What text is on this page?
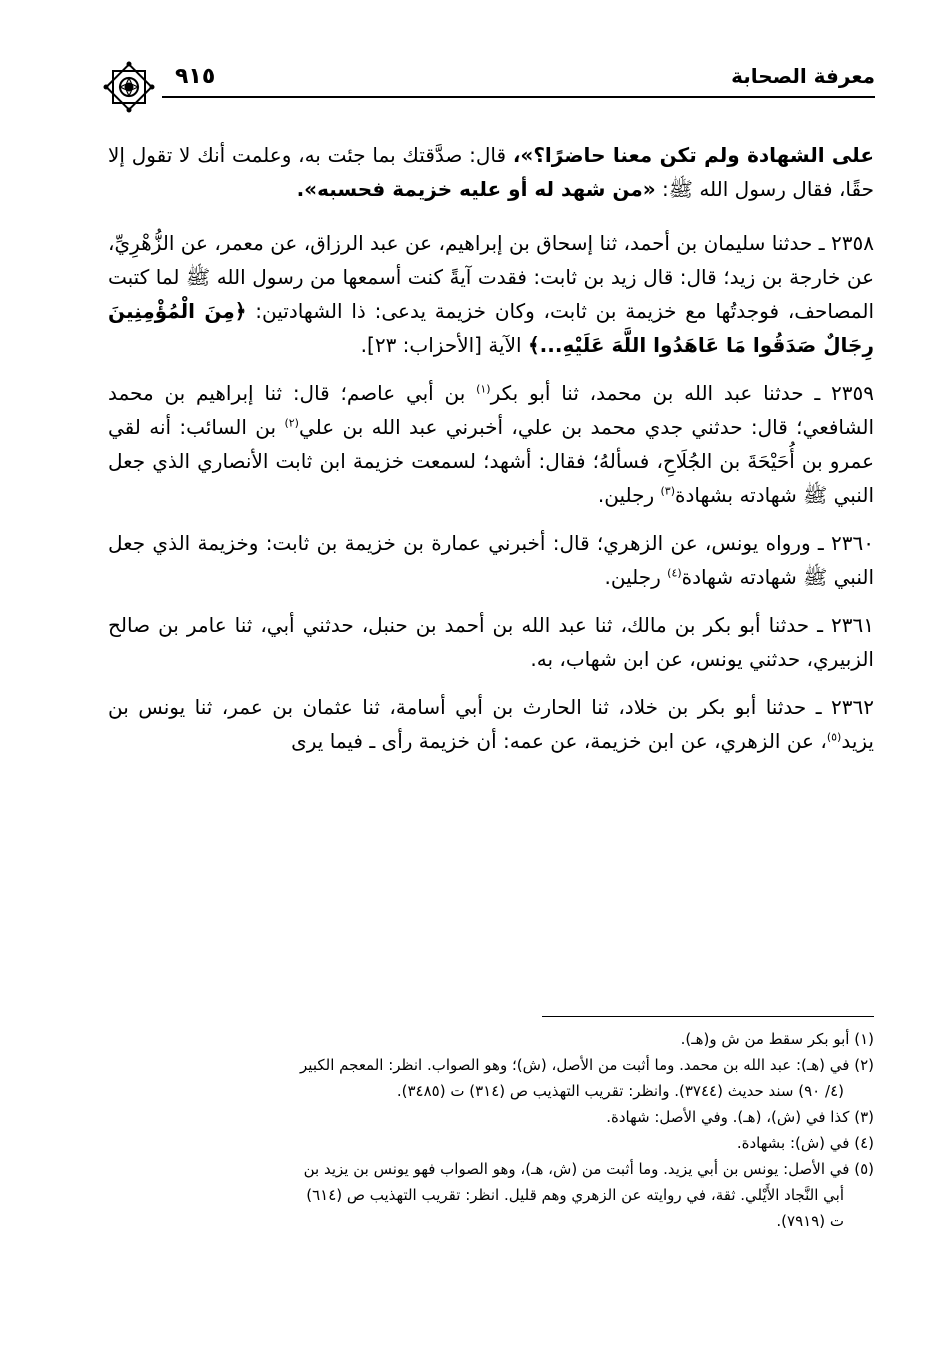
٩١٥	معرفة الصحابة

على الشهادة ولم تكن معنا حاضرًا؟»، قال: صدَّقتك بما جئت به، وعلمت أنك لا تقول إلا حقًا، فقال رسول الله ﷺ: «من شهد له أو عليه خزيمة فحسبه».

٢٣٥٨ ـ حدثنا سليمان بن أحمد، ثنا إسحاق بن إبراهيم، عن عبد الرزاق، عن معمر، عن الزُّهْرِيِّ، عن خارجة بن زيد؛ قال: قال زيد بن ثابت: فقدت آيةً كنت أسمعها من رسول الله ﷺ لما كتبت المصاحف، فوجدتُها مع خزيمة بن ثابت، وكان خزيمة يدعى: ذا الشهادتين: ﴿مِنَ الْمُؤْمِنِينَ رِجَالٌ صَدَقُوا مَا عَاهَدُوا اللَّهَ عَلَيْهِ...﴾ الآية [الأحزاب: ٢٣].

٢٣٥٩ ـ حدثنا عبد الله بن محمد، ثنا أبو بكر$^{(١)}$ بن أبي عاصم؛ قال: ثنا إبراهيم بن محمد الشافعي؛ قال: حدثني جدي محمد بن علي، أخبرني عبد الله بن علي$^{(٢)}$ بن السائب: أنه لقي عمرو بن أُحَيْحَةَ بن الجُلَاحِ، فسألهُ؛ فقال: أشهد؛ لسمعت خزيمة ابن ثابت الأنصاري الذي جعل النبي ﷺ شهادته بشهادة$^{(٣)}$ رجلين.

٢٣٦٠ ـ ورواه يونس، عن الزهري؛ قال: أخبرني عمارة بن خزيمة بن ثابت: وخزيمة الذي جعل النبي ﷺ شهادته شهادة$^{(٤)}$ رجلين.

٢٣٦١ ـ حدثنا أبو بكر بن مالك، ثنا عبد الله بن أحمد بن حنبل، حدثني أبي، ثنا عامر بن صالح الزبيري، حدثني يونس، عن ابن شهاب، به.

٢٣٦٢ ـ حدثنا أبو بكر بن خلاد، ثنا الحارث بن أبي أسامة، ثنا عثمان بن عمر، ثنا يونس بن يزيد$^{(٥)}$، عن الزهري، عن ابن خزيمة، عن عمه: أن خزيمة رأى ـ فيما يرى

(١) أبو بكر سقط من ش و(هـ).

(٢) في (هـ): عبد الله بن محمد. وما أثبت من الأصل، (ش)؛ وهو الصواب. انظر: المعجم الكبير
(٤/ ٩٠) سند حديث (٣٧٤٤). وانظر: تقريب التهذيب ص (٣١٤) ت (٣٤٨٥).

(٣) كذا في (ش)، (هـ). وفي الأصل: شهادة.

(٤) في (ش): بشهادة.

(٥) في الأصل: يونس بن أبي يزيد. وما أثبت من (ش، هـ)، وهو الصواب فهو يونس بن يزيد بن
أبي النَّجاد الأَيْلي. ثقة، في روايته عن الزهري وهم قليل. انظر: تقريب التهذيب ص (٦١٤)
ت (٧٩١٩).
